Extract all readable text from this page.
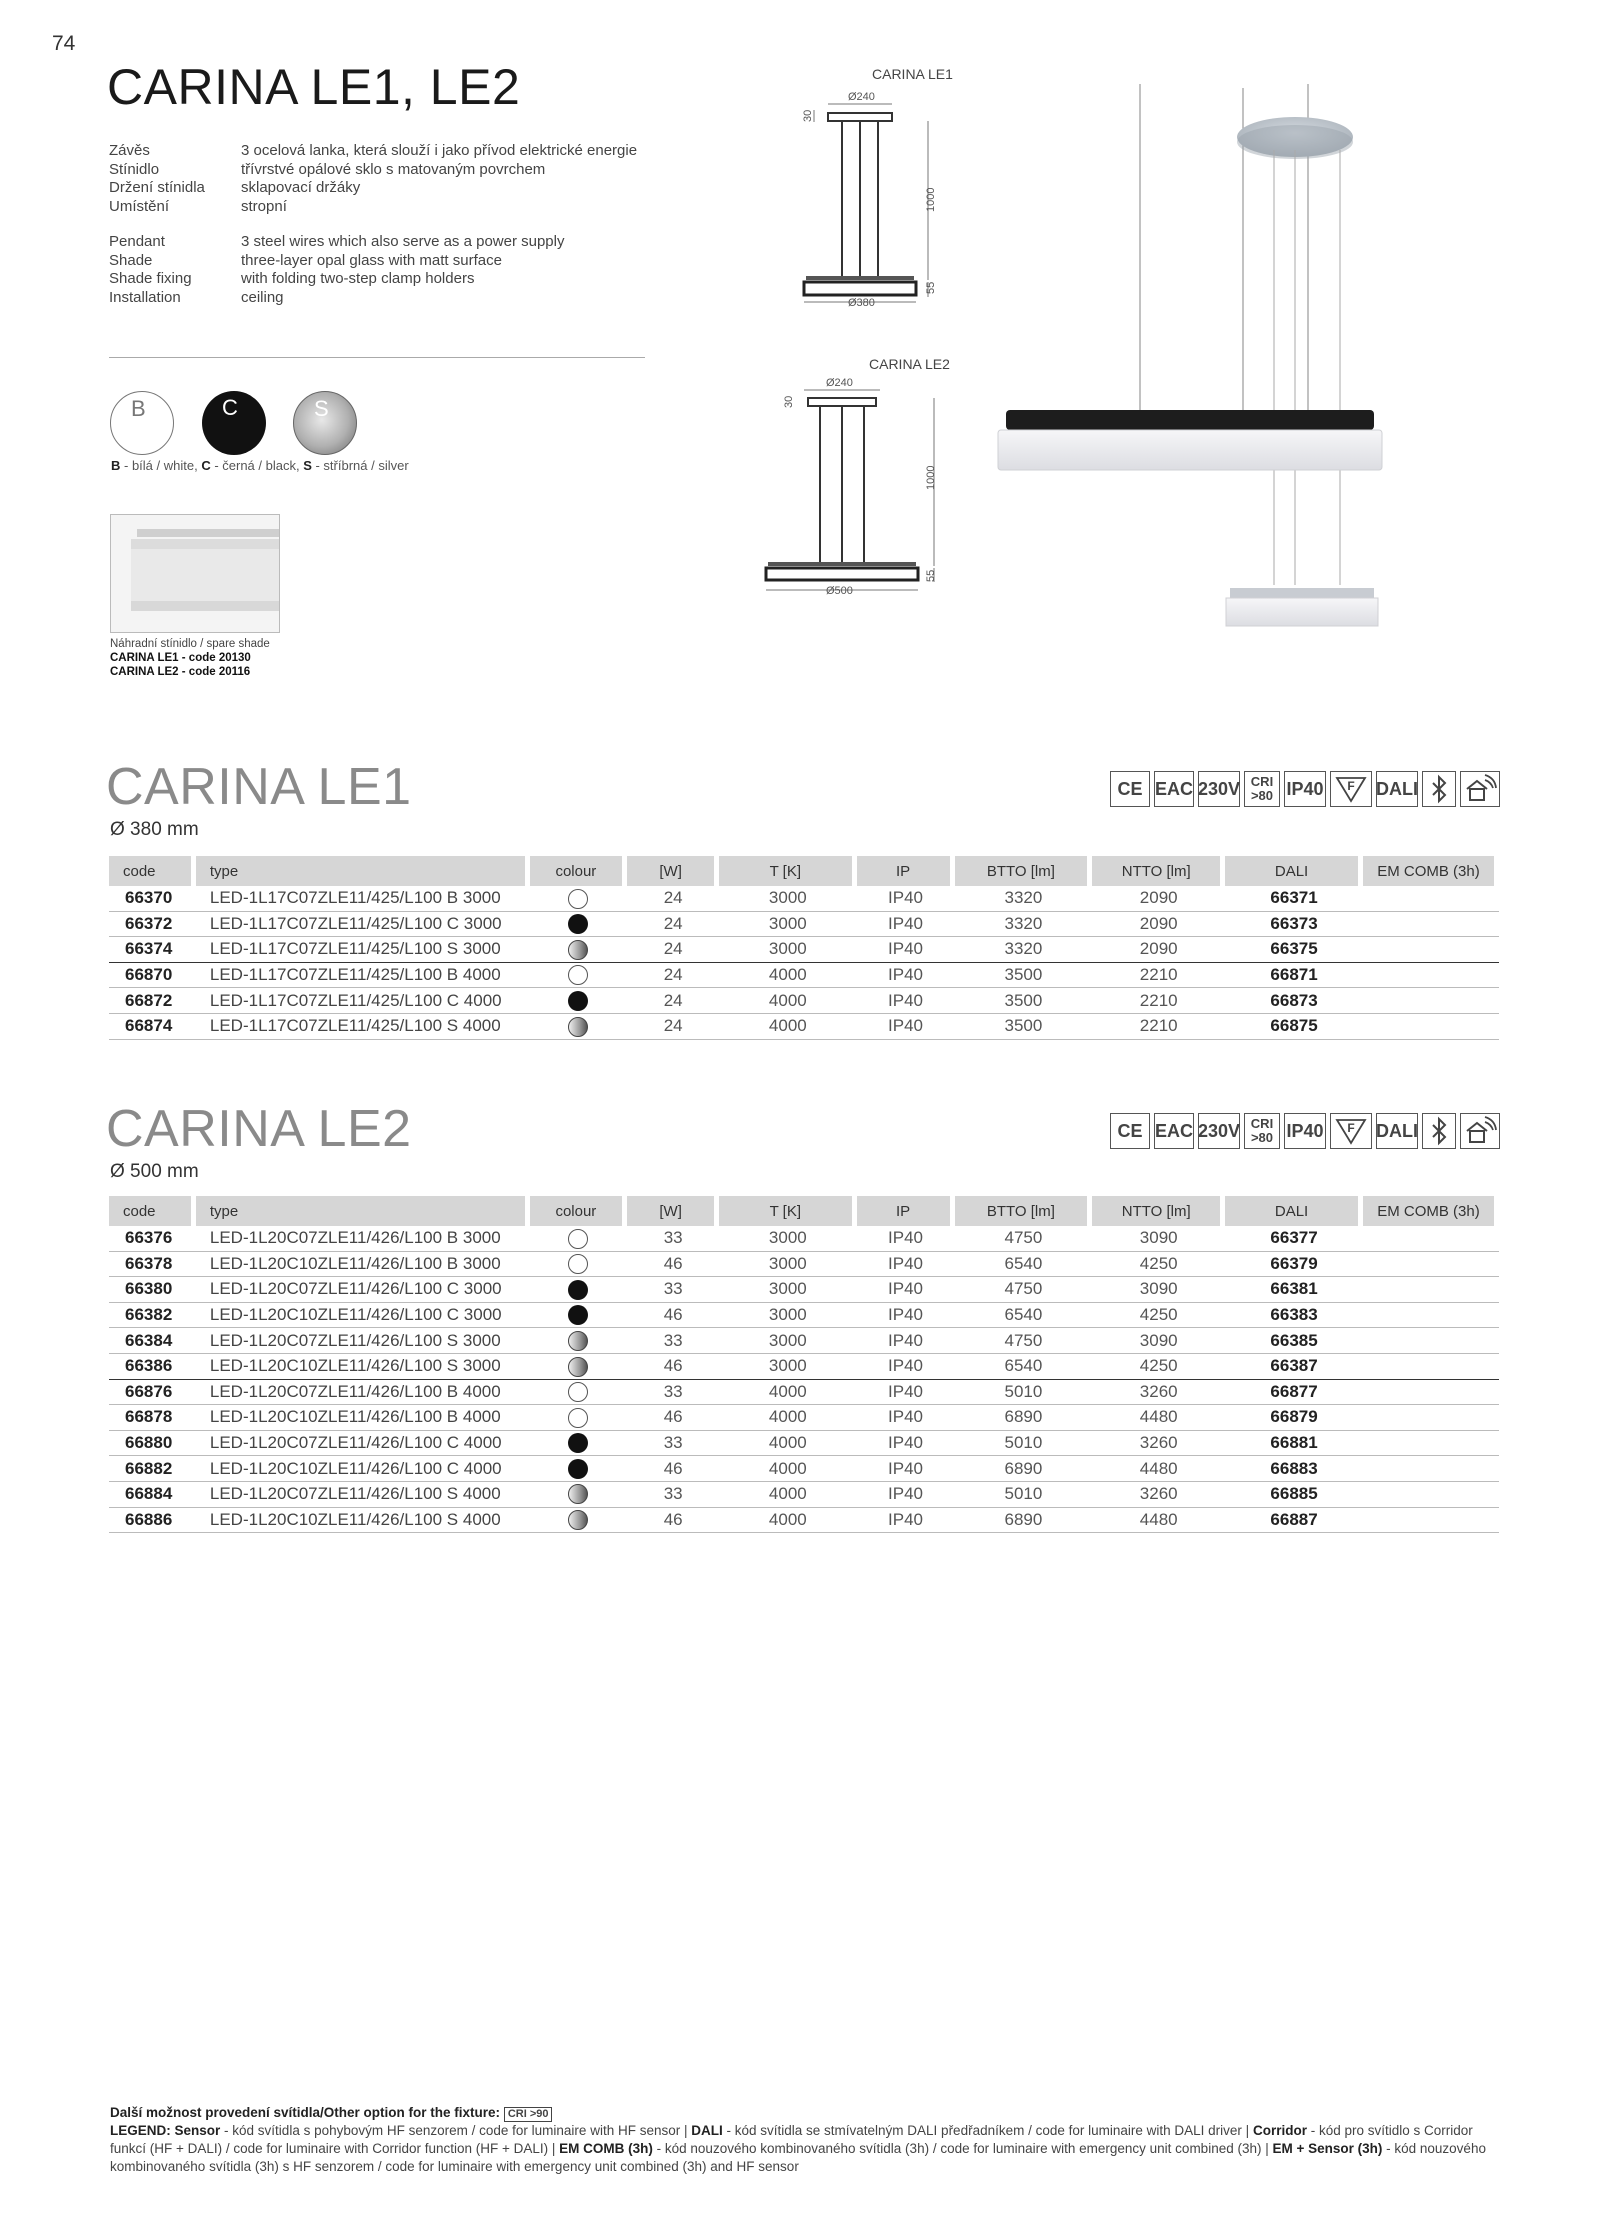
74
CARINA LE1, LE2
Závěs	3 ocelová lanka, která slouží i jako přívod elektrické energie
Stínidlo	třívrstvé opálové sklo s matovaným povrchem
Držení stínidla	sklapovací držáky
Umístění	stropní
Pendant	3 steel wires which also serve as a power supply
Shade	three-layer opal glass with matt surface
Shade fixing	with folding two-step clamp holders
Installation	ceiling
B	C	S
B - bílá / white, C - černá / black, S - stříbrná / silver
Náhradní stínidlo / spare shade
CARINA LE1 - code 20130
CARINA LE2 - code 20116
CARINA LE1
CARINA LE2
Ø240
Ø380
30
1000
55
Ø240
Ø500
30
1000
55
CARINA LE1
Ø 380 mm
CE EAC 230V CRI
>80 IP40 F DALI
code	type	colour	[W]	T [K]	IP	BTTO [lm]	NTTO [lm]	DALI	EM COMB (3h)
66370	LED-1L17C07ZLE11/425/L100 B 3000		24	3000	IP40	3320	2090	66371	
66372	LED-1L17C07ZLE11/425/L100 C 3000		24	3000	IP40	3320	2090	66373	
66374	LED-1L17C07ZLE11/425/L100 S 3000		24	3000	IP40	3320	2090	66375	
66870	LED-1L17C07ZLE11/425/L100 B 4000		24	4000	IP40	3500	2210	66871	
66872	LED-1L17C07ZLE11/425/L100 C 4000		24	4000	IP40	3500	2210	66873	
66874	LED-1L17C07ZLE11/425/L100 S 4000		24	4000	IP40	3500	2210	66875	
CARINA LE2
Ø 500 mm
CE EAC 230V CRI
>80 IP40 F DALI
code	type	colour	[W]	T [K]	IP	BTTO [lm]	NTTO [lm]	DALI	EM COMB (3h)
66376	LED-1L20C07ZLE11/426/L100 B 3000		33	3000	IP40	4750	3090	66377	
66378	LED-1L20C10ZLE11/426/L100 B 3000		46	3000	IP40	6540	4250	66379	
66380	LED-1L20C07ZLE11/426/L100 C 3000		33	3000	IP40	4750	3090	66381	
66382	LED-1L20C10ZLE11/426/L100 C 3000		46	3000	IP40	6540	4250	66383	
66384	LED-1L20C07ZLE11/426/L100 S 3000		33	3000	IP40	4750	3090	66385	
66386	LED-1L20C10ZLE11/426/L100 S 3000		46	3000	IP40	6540	4250	66387	
66876	LED-1L20C07ZLE11/426/L100 B 4000		33	4000	IP40	5010	3260	66877	
66878	LED-1L20C10ZLE11/426/L100 B 4000		46	4000	IP40	6890	4480	66879	
66880	LED-1L20C07ZLE11/426/L100 C 4000		33	4000	IP40	5010	3260	66881	
66882	LED-1L20C10ZLE11/426/L100 C 4000		46	4000	IP40	6890	4480	66883	
66884	LED-1L20C07ZLE11/426/L100 S 4000		33	4000	IP40	5010	3260	66885	
66886	LED-1L20C10ZLE11/426/L100 S 4000		46	4000	IP40	6890	4480	66887	
Další možnost provedení svítidla/Other option for the fixture: CRI >90
LEGEND: Sensor - kód svítidla s pohybovým HF senzorem / code for luminaire with HF sensor | DALI - kód svítidla se stmívatelným DALI předřadníkem / code for luminaire with DALI driver | Corridor - kód pro svítidlo s Corridor funkcí (HF + DALI) / code for luminaire with Corridor function (HF + DALI) | EM COMB (3h) - kód nouzového kombinovaného svítidla (3h) / code for luminaire with emergency unit combined (3h) | EM + Sensor (3h) - kód nouzového kombinovaného svítidla (3h) s HF senzorem / code for luminaire with emergency unit combined (3h) and HF sensor
